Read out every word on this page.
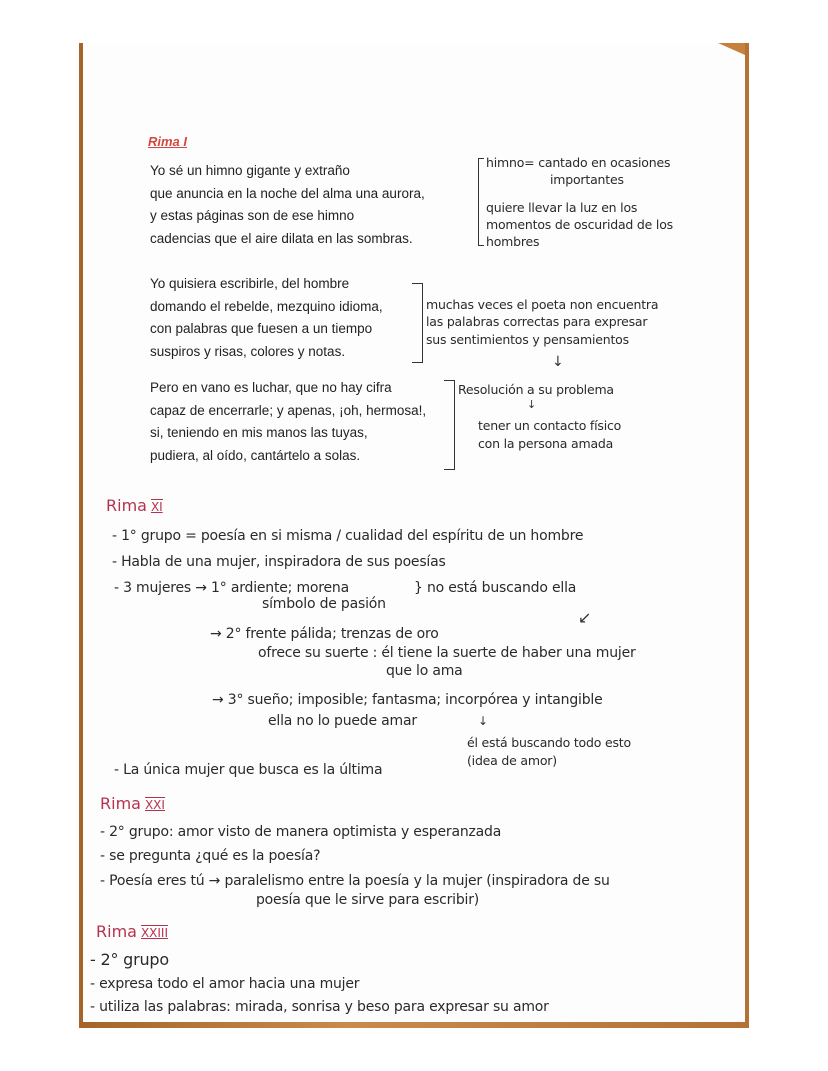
Rima I
Yo sé un himno gigante y extraño
que anuncia en la noche del alma una aurora,
y estas páginas son de ese himno
cadencias que el aire dilata en las sombras.
Yo quisiera escribirle, del hombre
domando el rebelde, mezquino idioma,
con palabras que fuesen a un tiempo
suspiros y risas, colores y notas.
Pero en vano es luchar, que no hay cifra
capaz de encerrarle; y apenas, ¡oh, hermosa!,
si, teniendo en mis manos las tuyas,
pudiera, al oído, cantártelo a solas.
himno= cantado en ocasiones
importantes
quiere llevar la luz en los
momentos de oscuridad de los
hombres
muchas veces el poeta non encuentra
las palabras correctas para expresar
sus sentimientos y pensamientos
↓
Resolución a su problema
↓
tener un contacto físico
con la persona amada
Rima XI
- 1° grupo = poesía en si misma / cualidad del espíritu de un hombre
- Habla de una mujer, inspiradora de sus poesías
- 3 mujeres → 1° ardiente; morena
símbolo de pasión
} no está buscando ella
↙
→ 2° frente pálida; trenzas de oro
ofrece su suerte : él tiene la suerte de haber una mujer
que lo ama
→ 3° sueño; imposible; fantasma; incorpórea y intangible
ella no lo puede amar	↓
él está buscando todo esto
(idea de amor)
- La única mujer que busca es la última
Rima XXI
- 2° grupo: amor visto de manera optimista y esperanzada
- se pregunta ¿qué es la poesía?
- Poesía eres tú → paralelismo entre la poesía y la mujer (inspiradora de su
poesía que le sirve para escribir)
Rima XXIII
- 2° grupo
- expresa todo el amor hacia una mujer
- utiliza las palabras: mirada, sonrisa y beso para expresar su amor
